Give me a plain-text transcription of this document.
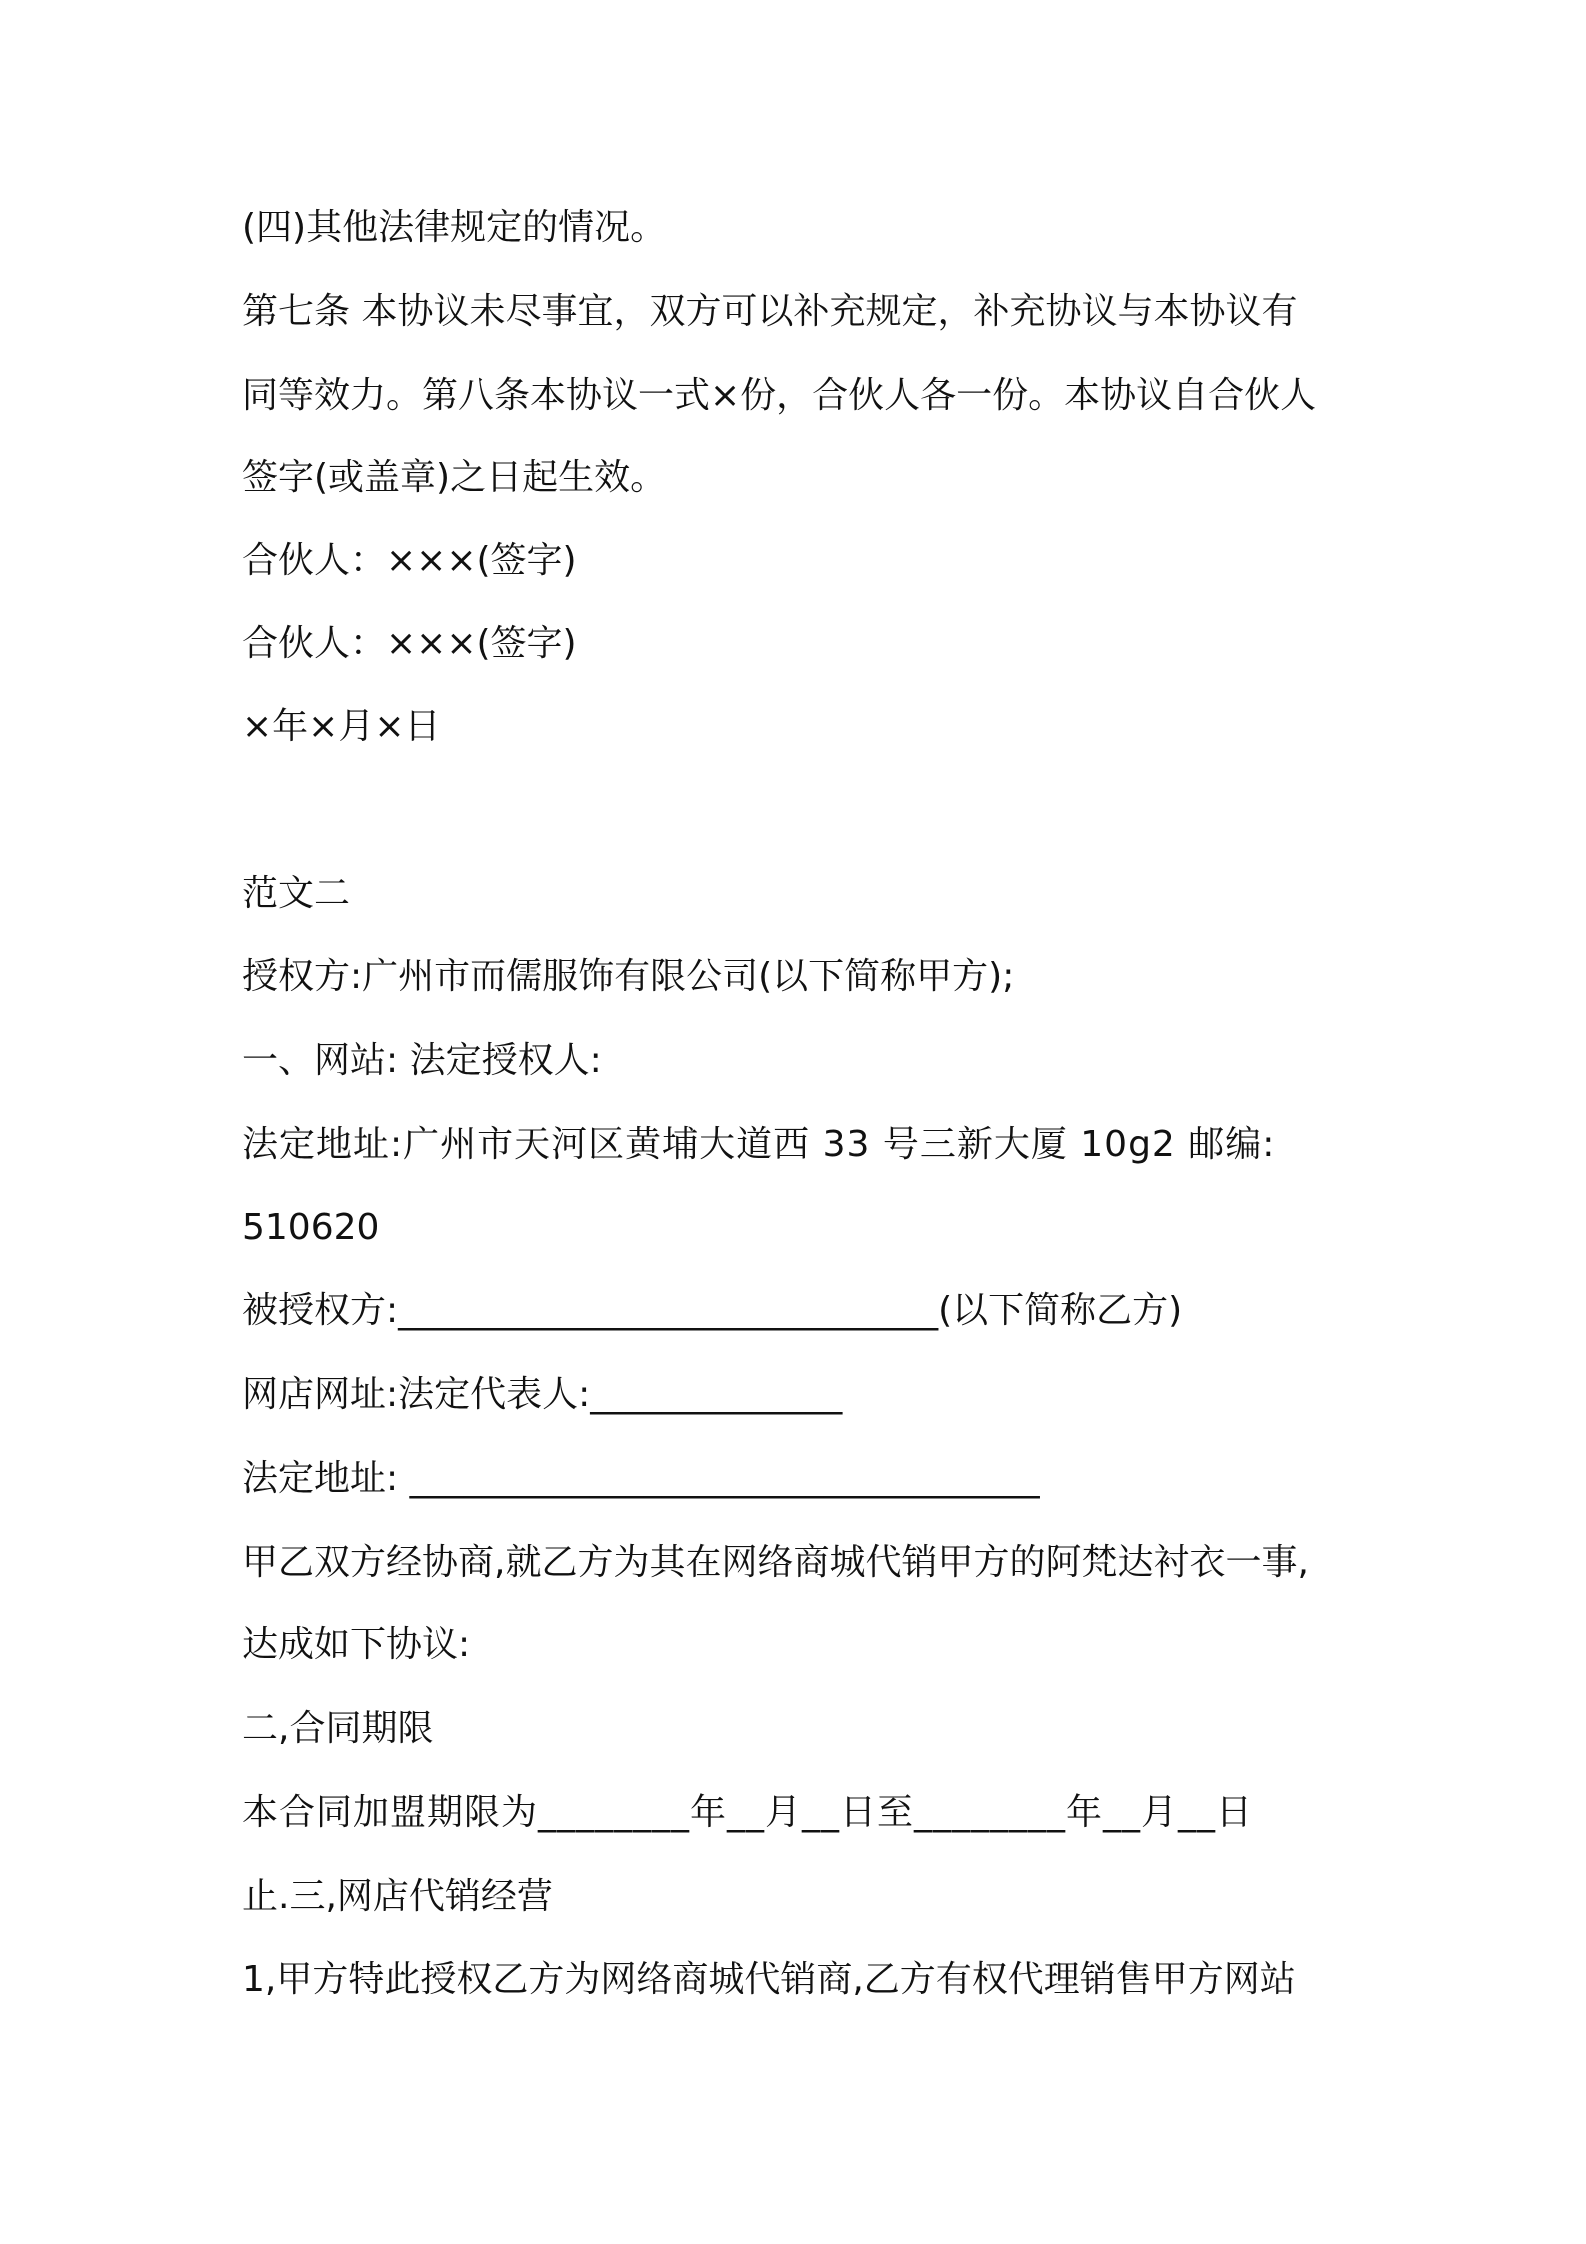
(四)其他法律规定的情况。
第七条 本协议未尽事宜，双方可以补充规定，补充协议与本协议有
同等效力。第八条本协议一式×份，合伙人各一份。本协议自合伙人
签字(或盖章)之日起生效。
合伙人：×××(签字)
合伙人：×××(签字)
×年×月×日
范文二
授权方:广州市而儒服饰有限公司(以下简称甲方);
一、网站: 法定授权人:
法定地址:广州市天河区黄埔大道西 33 号三新大厦 10g2 邮编:
510620
被授权方:______________________________(以下简称乙方)
网店网址:法定代表人:______________
法定地址: ___________________________________
甲乙双方经协商,就乙方为其在网络商城代销甲方的阿梵达衬衣一事,
达成如下协议:
二,合同期限
本合同加盟期限为________年__月__日至________年__月__日
止.三,网店代销经营
1,甲方特此授权乙方为网络商城代销商,乙方有权代理销售甲方网站
